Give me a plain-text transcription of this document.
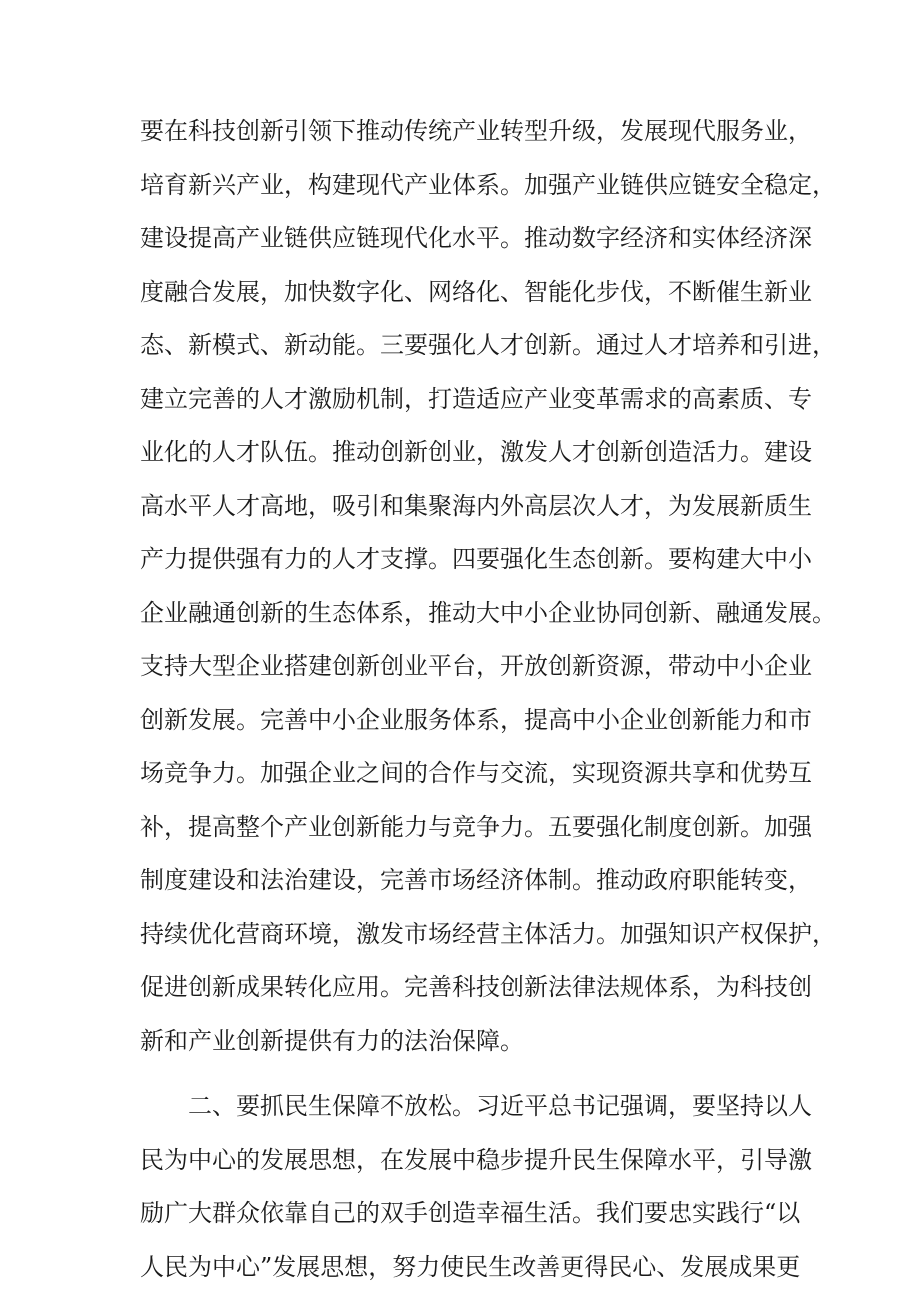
要在科技创新引领下推动传统产业转型升级，发展现代服务业，
培育新兴产业，构建现代产业体系。加强产业链供应链安全稳定，
建设提高产业链供应链现代化水平。推动数字经济和实体经济深
度融合发展，加快数字化、网络化、智能化步伐，不断催生新业
态、新模式、新动能。三要强化人才创新。通过人才培养和引进，
建立完善的人才激励机制，打造适应产业变革需求的高素质、专
业化的人才队伍。推动创新创业，激发人才创新创造活力。建设
高水平人才高地，吸引和集聚海内外高层次人才，为发展新质生
产力提供强有力的人才支撑。四要强化生态创新。要构建大中小
企业融通创新的生态体系，推动大中小企业协同创新、融通发展。
支持大型企业搭建创新创业平台，开放创新资源，带动中小企业
创新发展。完善中小企业服务体系，提高中小企业创新能力和市
场竞争力。加强企业之间的合作与交流，实现资源共享和优势互
补，提高整个产业创新能力与竞争力。五要强化制度创新。加强
制度建设和法治建设，完善市场经济体制。推动政府职能转变，
持续优化营商环境，激发市场经营主体活力。加强知识产权保护，
促进创新成果转化应用。完善科技创新法律法规体系，为科技创
新和产业创新提供有力的法治保障。
二、要抓民生保障不放松。习近平总书记强调，要坚持以人
民为中心的发展思想，在发展中稳步提升民生保障水平，引导激
励广大群众依靠自己的双手创造幸福生活。我们要忠实践行“以
人民为中心”发展思想，努力使民生改善更得民心、发展成果更
